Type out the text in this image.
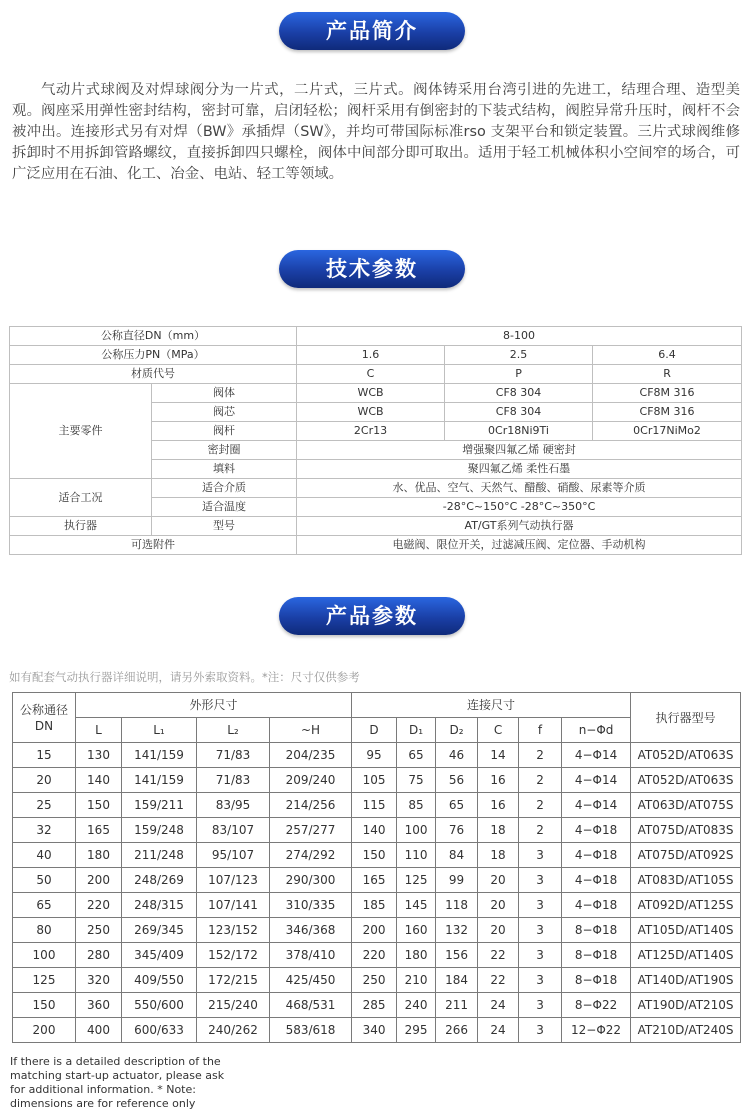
产品简介

气动片式球阀及对焊球阀分为一片式，二片式，三片式。阀体铸采用台湾引进的先进工，结理合理、造型美观。阀座采用弹性密封结构，密封可靠，启闭轻松；阀杆采用有倒密封的下装式结构，阀腔异常升压时，阀杆不会被冲出。连接形式另有对焊（BW》承插焊（SW》，并均可带国际标准rso 支架平台和锁定装置。三片式球阀维修拆卸时不用拆卸管路螺纹，直接拆卸四只螺栓，阀体中间部分即可取出。适用于轻工机械体积小空间窄的场合，可广泛应用在石油、化工、冶金、电站、轻工等领域。

技术参数
公称直径DN（mm）		8-100		
公称压力PN（MPa）		1.6	2.5	6.4
材质代号		C	P	R
主要零件	阀体	WCB	CF8 304	CF8M 316
	阀芯	WCB	CF8 304	CF8M 316
	阀杆	2Cr13	0Cr18Ni9Ti	0Cr17NiMo2
	密封圈	增强聚四氟乙烯 硬密封		
	填料	聚四氟乙烯 柔性石墨		
适合工况	适合介质	水、优品、空气、天然气、醋酸、硝酸、尿素等介质		
	适合温度	-28°C~150°C -28°C~350°C		
执行器	型号	AT/GT系列气动执行器		
可选附件		电磁阀、限位开关，过滤减压阀、定位器、手动机构		
产品参数
如有配套气动执行器详细说明，请另外索取资料。*注：尺寸仅供参考
公称通径
DN	外形尺寸				连接尺寸						执行器型号
	L	L₁	L₂	~H	D	D₁	D₂	C	f	n−Φd	
15	130	141/159	71/83	204/235	95	65	46	14	2	4−Φ14	AT052D/AT063S
20	140	141/159	71/83	209/240	105	75	56	16	2	4−Φ14	AT052D/AT063S
25	150	159/211	83/95	214/256	115	85	65	16	2	4−Φ14	AT063D/AT075S
32	165	159/248	83/107	257/277	140	100	76	18	2	4−Φ18	AT075D/AT083S
40	180	211/248	95/107	274/292	150	110	84	18	3	4−Φ18	AT075D/AT092S
50	200	248/269	107/123	290/300	165	125	99	20	3	4−Φ18	AT083D/AT105S
65	220	248/315	107/141	310/335	185	145	118	20	3	4−Φ18	AT092D/AT125S
80	250	269/345	123/152	346/368	200	160	132	20	3	8−Φ18	AT105D/AT140S
100	280	345/409	152/172	378/410	220	180	156	22	3	8−Φ18	AT125D/AT140S
125	320	409/550	172/215	425/450	250	210	184	22	3	8−Φ18	AT140D/AT190S
150	360	550/600	215/240	468/531	285	240	211	24	3	8−Φ22	AT190D/AT210S
200	400	600/633	240/262	583/618	340	295	266	24	3	12−Φ22	AT210D/AT240S

If there is a detailed description of the matching start-up actuator, please ask for additional information. * Note: dimensions are for reference only
